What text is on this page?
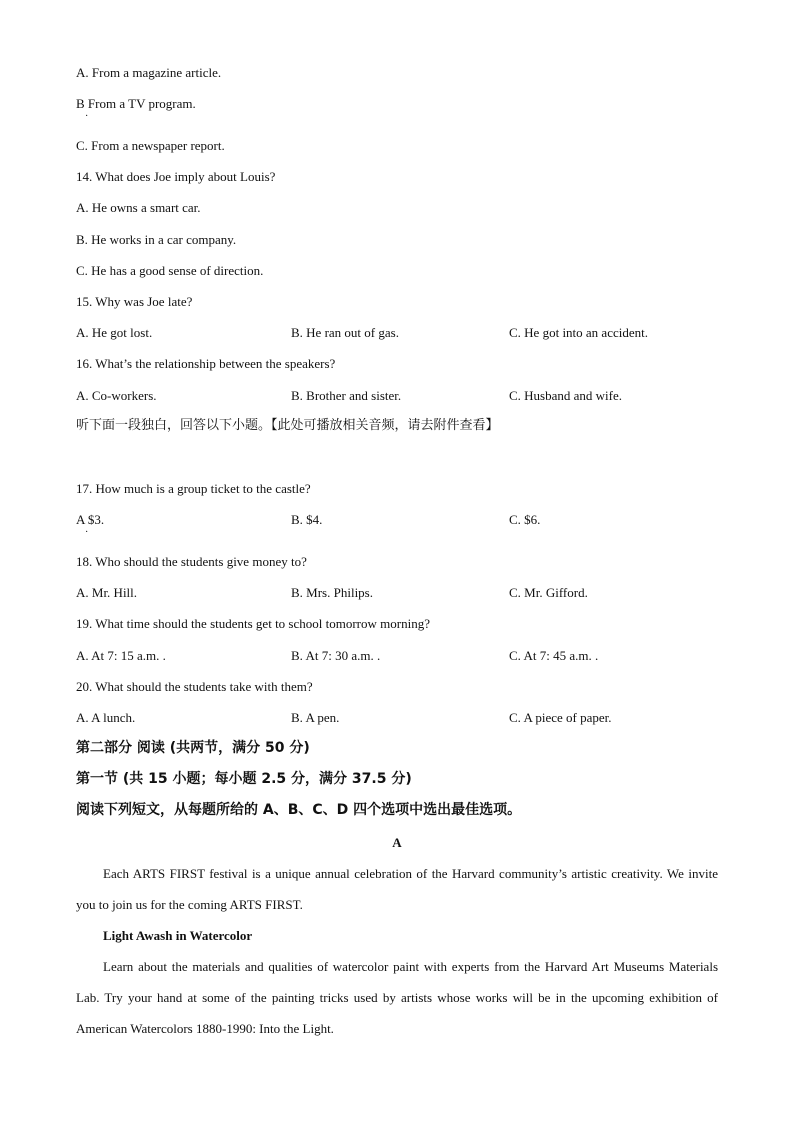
A. From a magazine article.
B From a TV program.
·
C. From a newspaper report.
14. What does Joe imply about Louis?
A. He owns a smart car.
B. He works in a car company.
C. He has a good sense of direction.
15. Why was Joe late?
A. He got lost.	B. He ran out of gas.	C. He got into an accident.
16. What’s the relationship between the speakers?
A. Co-workers.	B. Brother and sister.	C. Husband and wife.
听下面一段独白，回答以下小题。【此处可播放相关音频，请去附件查看】
17. How much is a group ticket to the castle?
A $3.
·
B. $4.	C. $6.
18. Who should the students give money to?
A. Mr. Hill.	B. Mrs. Philips.	C. Mr. Gifford.
19. What time should the students get to school tomorrow morning?
A. At 7: 15 a.m. .	B. At 7: 30 a.m. .	C. At 7: 45 a.m. .
20. What should the students take with them?
A. A lunch.	B. A pen.	C. A piece of paper.
第二部分 阅读 (共两节，满分 50 分)
第一节 (共 15 小题；每小题 2.5 分，满分 37.5 分)
阅读下列短文，从每题所给的 A、B、C、D 四个选项中选出最佳选项。
A

Each ARTS FIRST festival is a unique annual celebration of the Harvard community’s artistic creativity. We invite you to join us for the coming ARTS FIRST.

Light Awash in Watercolor

Learn about the materials and qualities of watercolor paint with experts from the Harvard Art Museums Materials Lab. Try your hand at some of the painting tricks used by artists whose works will be in the upcoming exhibition of American Watercolors 1880-1990: Into the Light.
